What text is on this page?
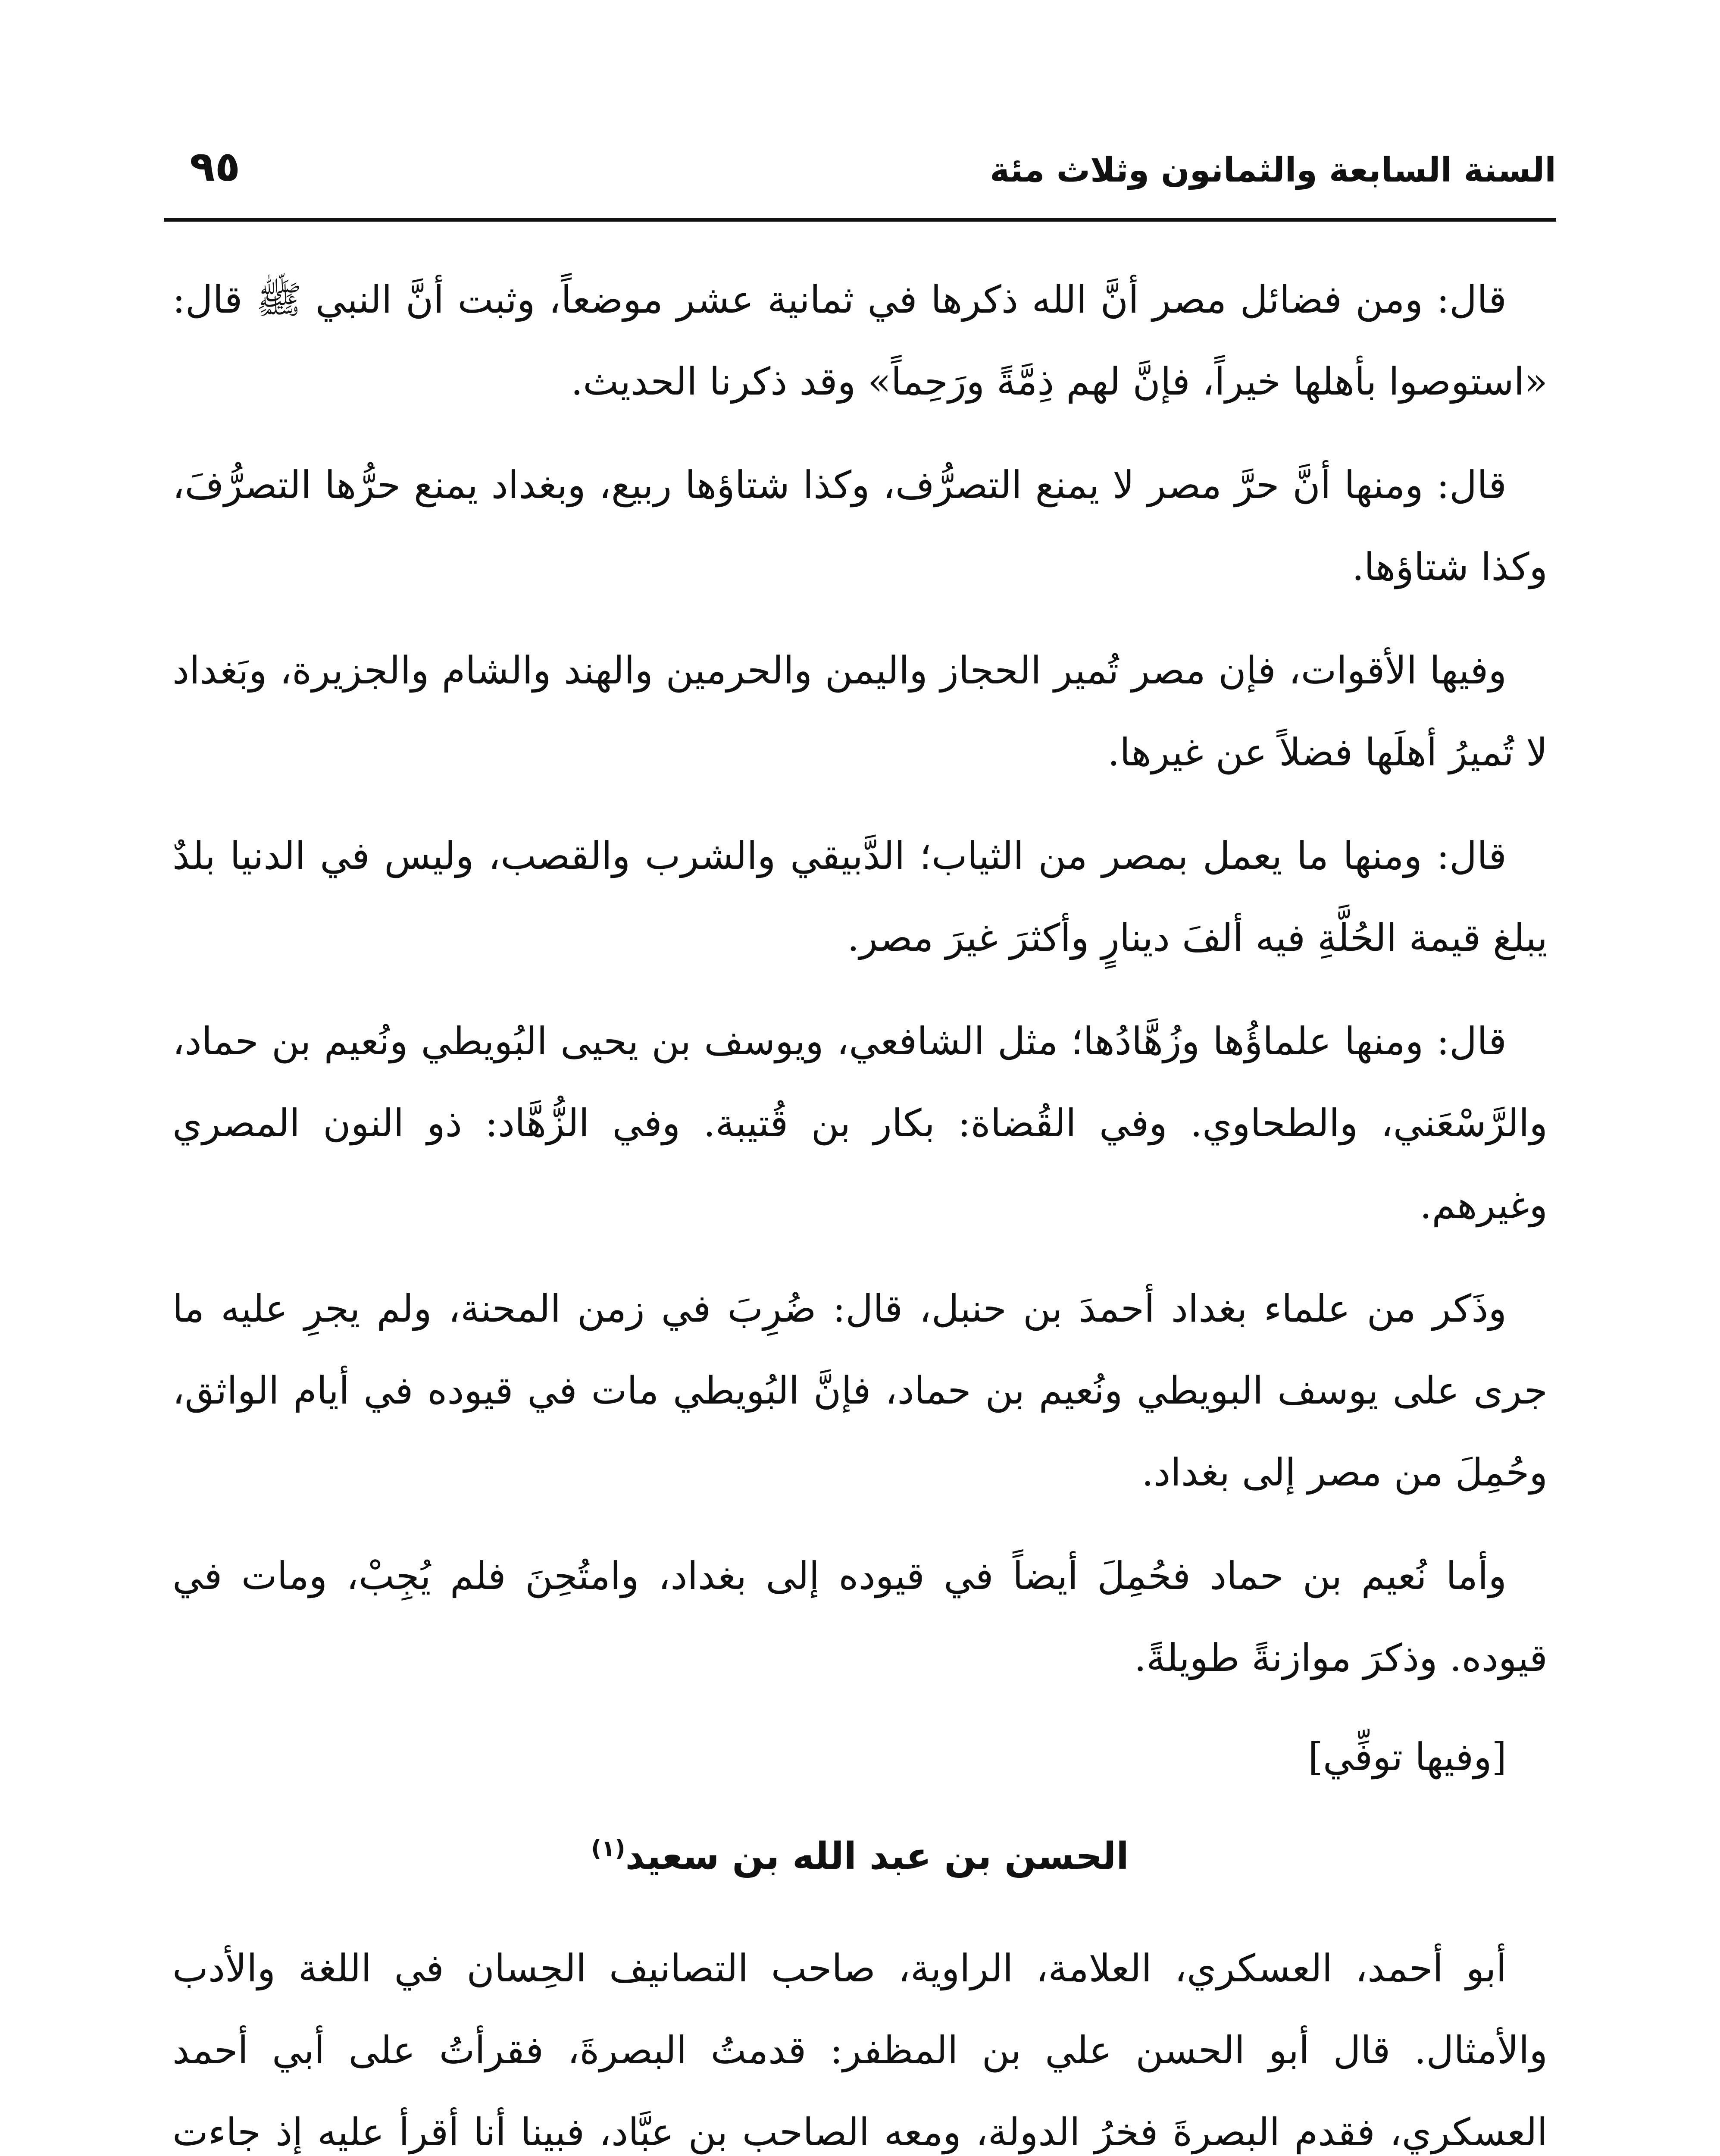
السنة السابعة والثمانون وثلاث مئة
٩٥

قال: ومن فضائل مصر أنَّ الله ذكرها في ثمانية عشر موضعاً، وثبت أنَّ النبي ﷺ قال: «استوصوا بأهلها خيراً، فإنَّ لهم ذِمَّةً ورَحِماً» وقد ذكرنا الحديث.

قال: ومنها أنَّ حرَّ مصر لا يمنع التصرُّف، وكذا شتاؤها ربيع، وبغداد يمنع حرُّها التصرُّفَ، وكذا شتاؤها.

وفيها الأقوات، فإن مصر تُمير الحجاز واليمن والحرمين والهند والشام والجزيرة، وبَغداد لا تُميرُ أهلَها فضلاً عن غيرها.

قال: ومنها ما يعمل بمصر من الثياب؛ الدَّبيقي والشرب والقصب، وليس في الدنيا بلدٌ يبلغ قيمة الحُلَّةِ فيه ألفَ دينارٍ وأكثرَ غيرَ مصر.

قال: ومنها علماؤُها وزُهَّادُها؛ مثل الشافعي، ويوسف بن يحيى البُويطي ونُعيم بن حماد، والرَّسْعَني، والطحاوي. وفي القُضاة: بكار بن قُتيبة. وفي الزُّهَّاد: ذو النون المصري وغيرهم.

وذَكر من علماء بغداد أحمدَ بن حنبل، قال: ضُرِبَ في زمن المحنة، ولم يجرِ عليه ما جرى على يوسف البويطي ونُعيم بن حماد، فإنَّ البُويطي مات في قيوده في أيام الواثق، وحُمِلَ من مصر إلى بغداد.

وأما نُعيم بن حماد فحُمِلَ أيضاً في قيوده إلى بغداد، وامتُحِنَ فلم يُجِبْ، ومات في قيوده. وذكرَ موازنةً طويلةً.

[وفيها توفِّي]

الحسن بن عبد الله بن سعيد$^{(١)}$

أبو أحمد، العسكري، العلامة، الراوية، صاحب التصانيف الحِسان في اللغة والأدب والأمثال. قال أبو الحسن علي بن المظفر: قدمتُ البصرةَ، فقرأتُ على أبي أحمد العسكري، فقدم البصرةَ فخرُ الدولة، ومعه الصاحب بن عبَّاد، فبينا أنا أقرأ عليه إذ جاءت
